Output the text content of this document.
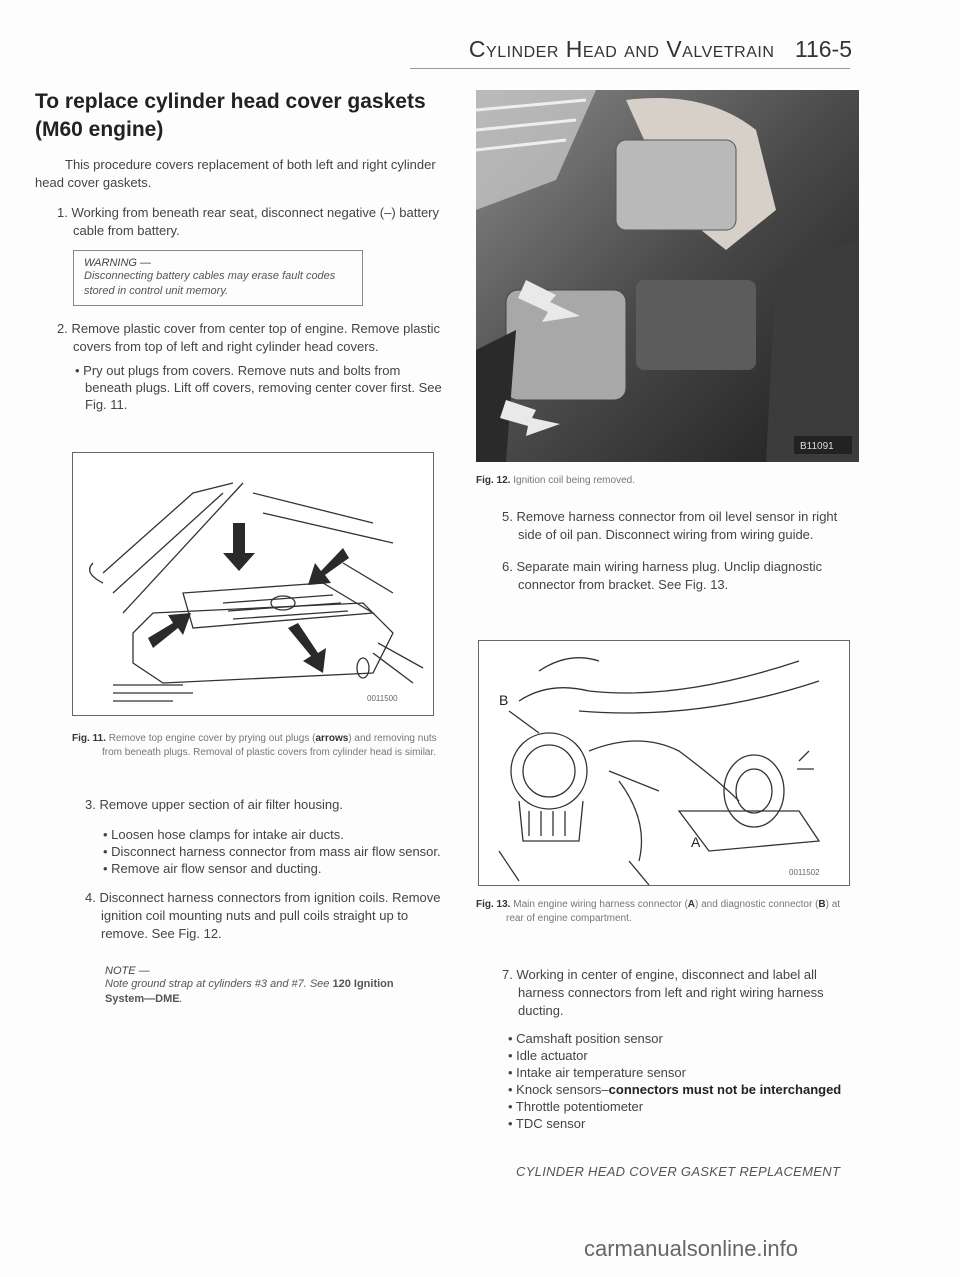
Cylinder Head and Valvetrain 116-5
To replace cylinder head cover gaskets
(M60 engine)
This procedure covers replacement of both left and right cylinder head cover gaskets.
1. Working from beneath rear seat, disconnect negative (–) battery cable from battery.
WARNING —
Disconnecting battery cables may erase fault codes stored in control unit memory.
2. Remove plastic cover from center top of engine. Remove plastic covers from top of left and right cylinder head covers.
• Pry out plugs from covers. Remove nuts and bolts from beneath plugs. Lift off covers, removing center cover first. See Fig. 11.
0011500
Fig. 11. Remove top engine cover by prying out plugs (arrows) and removing nuts from beneath plugs. Removal of plastic covers from cylinder head is similar.
3. Remove upper section of air filter housing.
• Loosen hose clamps for intake air ducts.
• Disconnect harness connector from mass air flow sensor.
• Remove air flow sensor and ducting.
4. Disconnect harness connectors from ignition coils. Remove ignition coil mounting nuts and pull coils straight up to remove. See Fig. 12.
NOTE —
Note ground strap at cylinders #3 and #7. See 120 Ignition System—DME.
B11091
Fig. 12. Ignition coil being removed.
5. Remove harness connector from oil level sensor in right side of oil pan. Disconnect wiring from wiring guide.
6. Separate main wiring harness plug. Unclip diagnostic connector from bracket. See Fig. 13.
B
A
0011502
Fig. 13. Main engine wiring harness connector (A) and diagnostic connector (B) at rear of engine compartment.
7. Working in center of engine, disconnect and label all harness connectors from left and right wiring harness ducting.
• Camshaft position sensor
• Idle actuator
• Intake air temperature sensor
• Knock sensors–connectors must not be interchanged
• Throttle potentiometer
• TDC sensor
CYLINDER HEAD COVER GASKET REPLACEMENT
carmanualsonline.info
